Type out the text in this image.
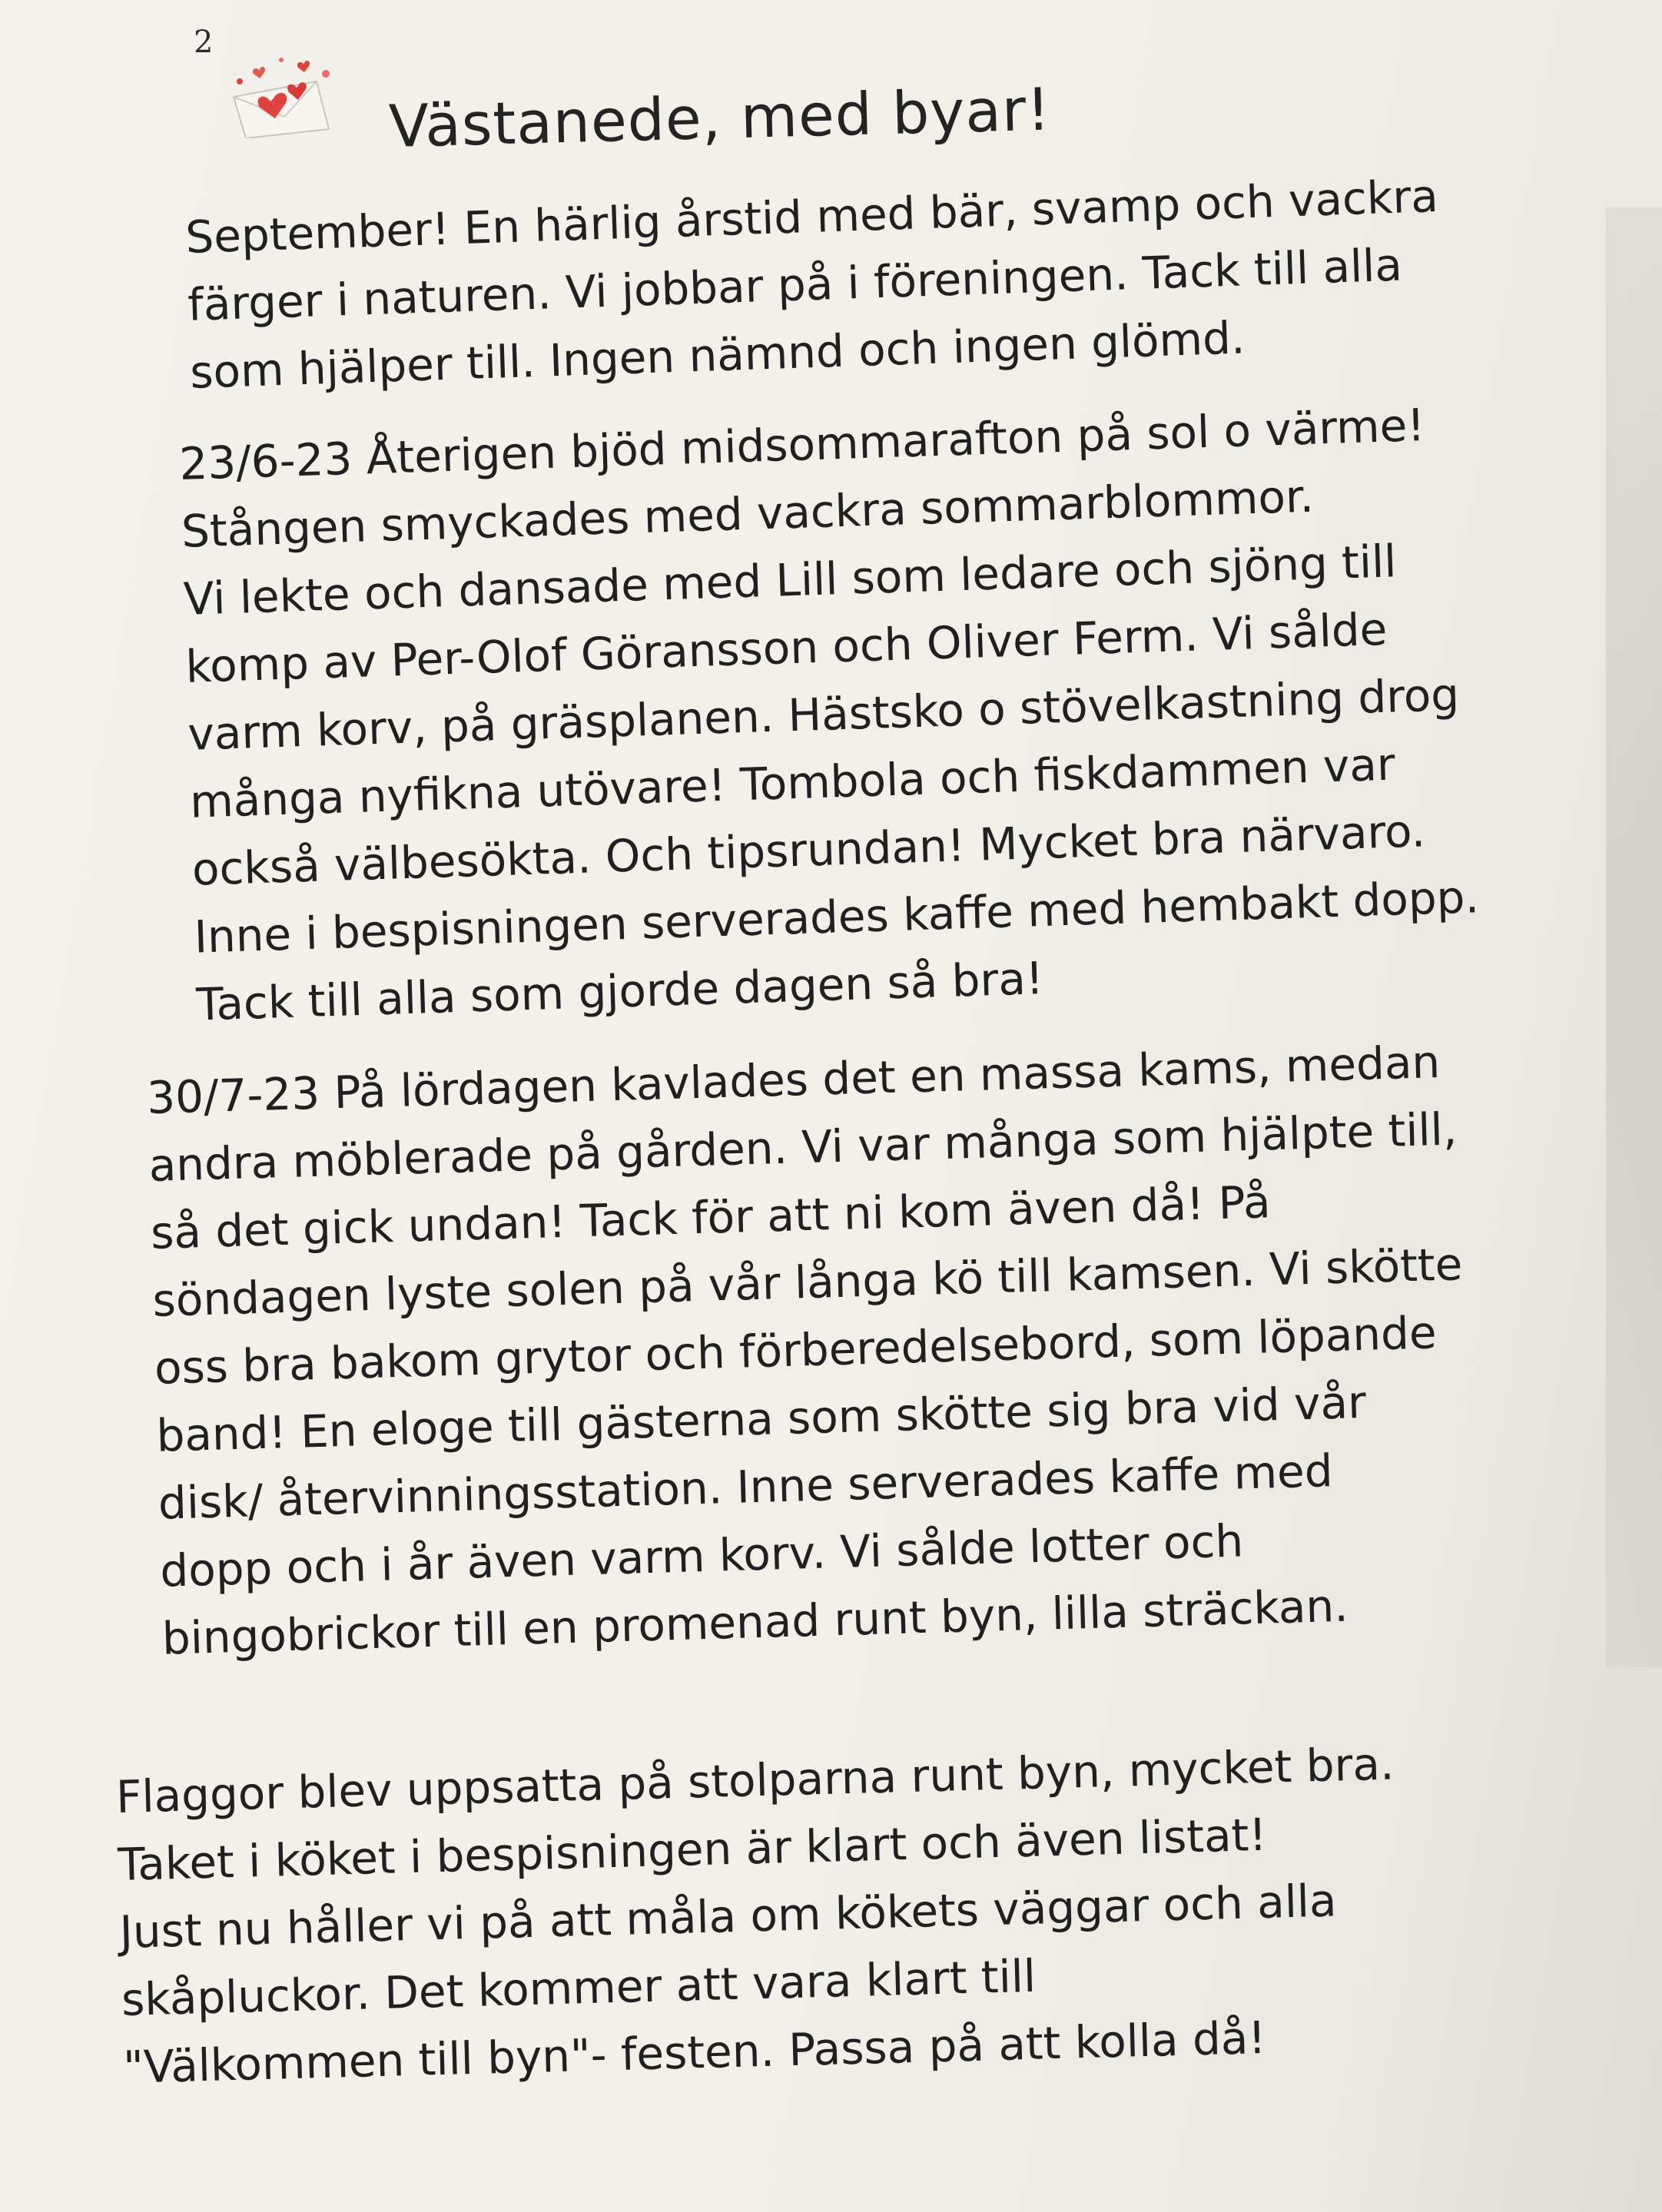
2
Västanede, med byar!

September! En härlig årstid med bär, svamp och vackra
färger i naturen. Vi jobbar på i föreningen. Tack till alla
som hjälper till. Ingen nämnd och ingen glömd.

23/6-23 Återigen bjöd midsommarafton på sol o värme!
Stången smyckades med vackra sommarblommor.
Vi lekte och dansade med Lill som ledare och sjöng till
komp av Per-Olof Göransson och Oliver Ferm. Vi sålde
varm korv, på gräsplanen. Hästsko o stövelkastning drog
många nyfikna utövare! Tombola och fiskdammen var
också välbesökta. Och tipsrundan! Mycket bra närvaro.
Inne i bespisningen serverades kaffe med hembakt dopp.
Tack till alla som gjorde dagen så bra!

30/7-23 På lördagen kavlades det en massa kams, medan
andra möblerade på gården. Vi var många som hjälpte till,
så det gick undan! Tack för att ni kom även då! På
söndagen lyste solen på vår långa kö till kamsen. Vi skötte
oss bra bakom grytor och förberedelsebord, som löpande
band! En eloge till gästerna som skötte sig bra vid vår
disk/ återvinningsstation. Inne serverades kaffe med
dopp och i år även varm korv. Vi sålde lotter och
bingobrickor till en promenad runt byn, lilla sträckan.

Flaggor blev uppsatta på stolparna runt byn, mycket bra.
Taket i köket i bespisningen är klart och även listat!
Just nu håller vi på att måla om kökets väggar och alla
skåpluckor. Det kommer att vara klart till
"Välkommen till byn"- festen. Passa på att kolla då!
